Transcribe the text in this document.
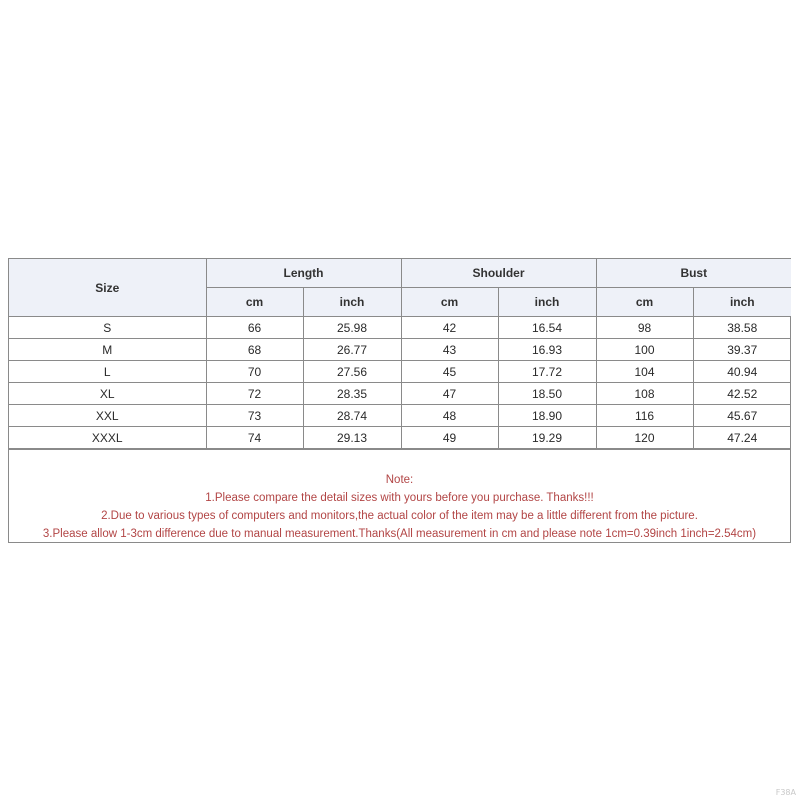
Size	Length		Shoulder		Bust	
	cm	inch	cm	inch	cm	inch
S	66	25.98	42	16.54	98	38.58
M	68	26.77	43	16.93	100	39.37
L	70	27.56	45	17.72	104	40.94
XL	72	28.35	47	18.50	108	42.52
XXL	73	28.74	48	18.90	116	45.67
XXXL	74	29.13	49	19.29	120	47.24
Note:
1.Please compare the detail sizes with yours before you purchase. Thanks!!!
2.Due to various types of computers and monitors,the actual color of the item may be a little different from the picture.
3.Please allow 1-3cm difference due to manual measurement.Thanks(All measurement in cm and please note 1cm=0.39inch 1inch=2.54cm)
F38A
